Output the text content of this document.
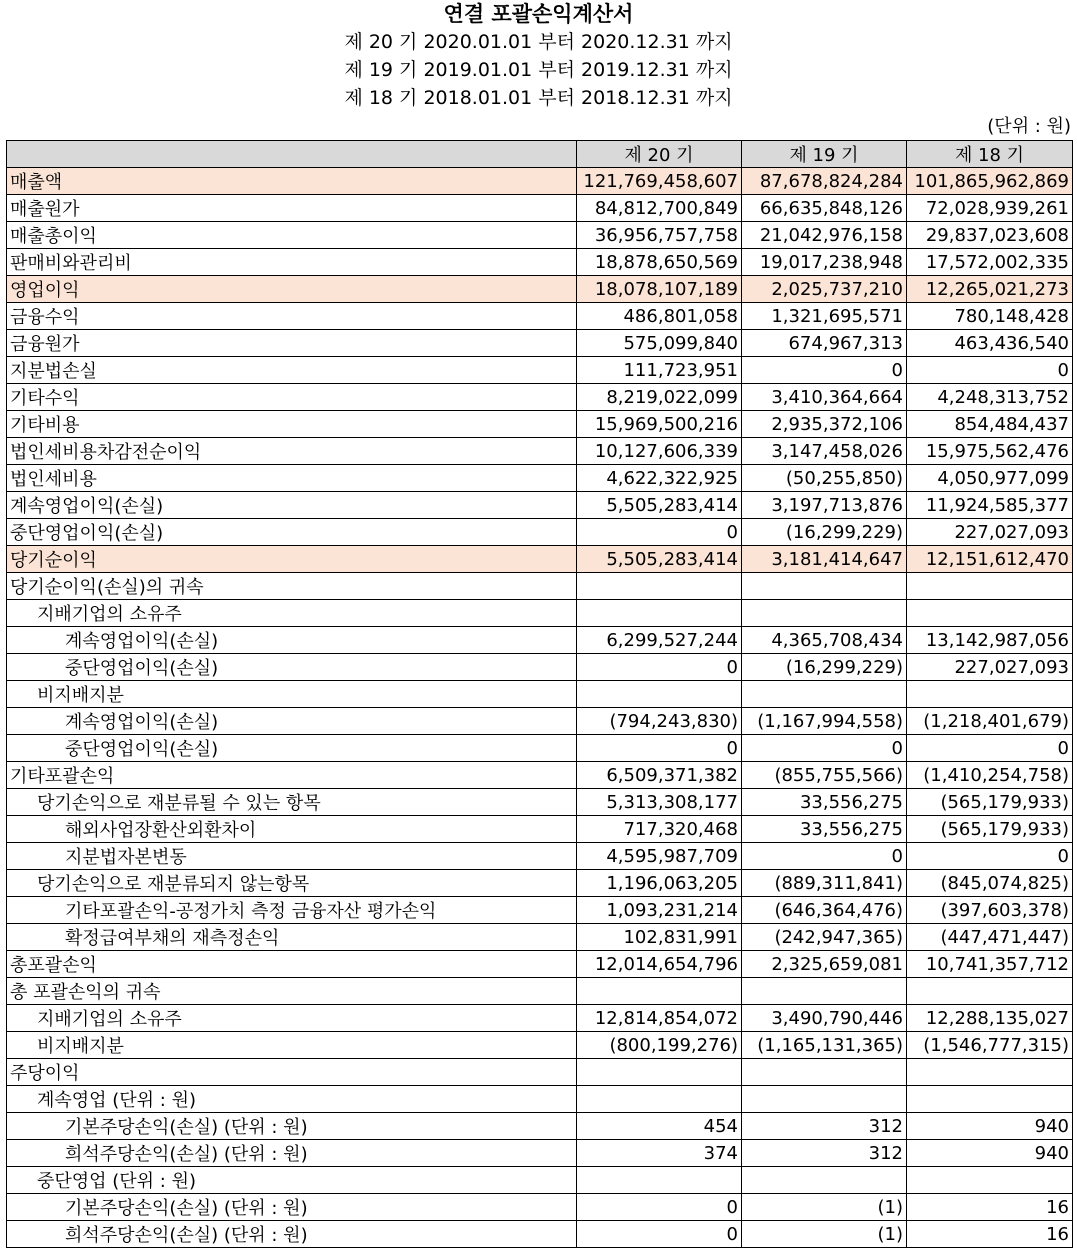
연결 포괄손익계산서
제 20 기 2020.01.01 부터 2020.12.31 까지
제 19 기 2019.01.01 부터 2019.12.31 까지
제 18 기 2018.01.01 부터 2018.12.31 까지
(단위 : 원)
	제 20 기	제 19 기	제 18 기
매출액	121,769,458,607	87,678,824,284	101,865,962,869
매출원가	84,812,700,849	66,635,848,126	72,028,939,261
매출총이익	36,956,757,758	21,042,976,158	29,837,023,608
판매비와관리비	18,878,650,569	19,017,238,948	17,572,002,335
영업이익	18,078,107,189	2,025,737,210	12,265,021,273
금융수익	486,801,058	1,321,695,571	780,148,428
금융원가	575,099,840	674,967,313	463,436,540
지분법손실	111,723,951	0	0
기타수익	8,219,022,099	3,410,364,664	4,248,313,752
기타비용	15,969,500,216	2,935,372,106	854,484,437
법인세비용차감전순이익	10,127,606,339	3,147,458,026	15,975,562,476
법인세비용	4,622,322,925	(50,255,850)	4,050,977,099
계속영업이익(손실)	5,505,283,414	3,197,713,876	11,924,585,377
중단영업이익(손실)	0	(16,299,229)	227,027,093
당기순이익	5,505,283,414	3,181,414,647	12,151,612,470
당기순이익(손실)의 귀속			
지배기업의 소유주			
계속영업이익(손실)	6,299,527,244	4,365,708,434	13,142,987,056
중단영업이익(손실)	0	(16,299,229)	227,027,093
비지배지분			
계속영업이익(손실)	(794,243,830)	(1,167,994,558)	(1,218,401,679)
중단영업이익(손실)	0	0	0
기타포괄손익	6,509,371,382	(855,755,566)	(1,410,254,758)
당기손익으로 재분류될 수 있는 항목	5,313,308,177	33,556,275	(565,179,933)
해외사업장환산외환차이	717,320,468	33,556,275	(565,179,933)
지분법자본변동	4,595,987,709	0	0
당기손익으로 재분류되지 않는항목	1,196,063,205	(889,311,841)	(845,074,825)
기타포괄손익-공정가치 측정 금융자산 평가손익	1,093,231,214	(646,364,476)	(397,603,378)
확정급여부채의 재측정손익	102,831,991	(242,947,365)	(447,471,447)
총포괄손익	12,014,654,796	2,325,659,081	10,741,357,712
총 포괄손익의 귀속			
지배기업의 소유주	12,814,854,072	3,490,790,446	12,288,135,027
비지배지분	(800,199,276)	(1,165,131,365)	(1,546,777,315)
주당이익			
계속영업 (단위 : 원)			
기본주당손익(손실) (단위 : 원)	454	312	940
희석주당손익(손실) (단위 : 원)	374	312	940
중단영업 (단위 : 원)			
기본주당손익(손실) (단위 : 원)	0	(1)	16
희석주당손익(손실) (단위 : 원)	0	(1)	16
